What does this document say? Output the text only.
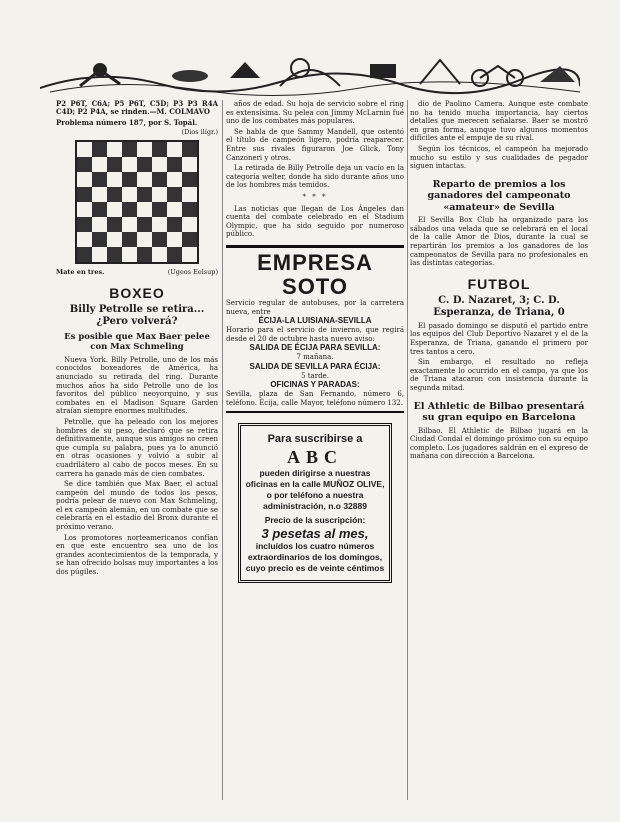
P2 P6T, C6A; P5 P6T, C5D; P3 P3 R4A C4D; P2 P4A, se rinden.—M. COLMAVO
Problema número 187, por S. Topál.
(Dios ilígr.)
Mate en tres.	(Ugeos Eelsup)
BOXEO
Billy Petrolle se retira... ¿Pero volverá?
Es posible que Max Baer pelee con Max Schmeling

Nueva York. Billy Petrolle, uno de los más conocidos boxeadores de América, ha anunciado su retirada del ring. Durante muchos años ha sido Petrolle uno de los favoritos del público neoyorquino, y sus combates en el Madison Square Garden atraían siempre enormes multitudes.

Petrolle, que ha peleado con los mejores hombres de su peso, declaró que se retira definitivamente, aunque sus amigos no creen que cumpla su palabra, pues ya lo anunció en otras ocasiones y volvió a subir al cuadrilátero al cabo de pocos meses. En su carrera ha ganado más de cien combates.

Se dice también que Max Baer, el actual campeón del mundo de todos los pesos, podría pelear de nuevo con Max Schmeling, el ex campeón alemán, en un combate que se celebraría en el estadio del Bronx durante el próximo verano.

Los promotores norteamericanos confían en que este encuentro sea uno de los grandes acontecimientos de la temporada, y se han ofrecido bolsas muy importantes a los dos púgiles.

años de edad. Su hoja de servicio sobre el ring es extensísima. Su pelea con Jimmy McLarnin fué uno de los combates más populares.

Se habla de que Sammy Mandell, que ostentó el título de campeón ligero, podría reaparecer. Entre sus rivales figuraron Joe Glick, Tony Canzoneri y otros.

La retirada de Billy Petrolle deja un vacío en la categoría welter, donde ha sido durante años uno de los hombres más temidos.

* * *

Las noticias que llegan de Los Ángeles dan cuenta del combate celebrado en el Stadium Olympic, que ha sido seguido por numeroso público.

EMPRESA SOTO
Servicio regular de autobuses, por la carretera nueva, entre
ÉCIJA-LA LUISIANA-SEVILLA
Horario para el servicio de invierno, que regirá desde el 20 de octubre hasta nuevo aviso:
SALIDA DE ÉCIJA PARA SEVILLA:
7 mañana.
SALIDA DE SEVILLA PARA ÉCIJA:
5 tarde.
OFICINAS Y PARADAS:
Sevilla, plaza de San Fernando, número 6, teléfono. Écija, calle Mayor, teléfono número 132.
Para suscribirse a
ABC
pueden dirigirse a nuestras oficinas en la calle MUÑOZ OLIVE, o por teléfono a nuestra administración, n.o 32889
Precio de la suscripción:
3 pesetas al mes,
incluídos los cuatro números extraordinarios de los domingos, cuyo precio es de veinte céntimos

dio de Paolino Camera. Aunque este combate no ha tenido mucha importancia, hay ciertos detalles que merecen señalarse. Baer se mostró en gran forma, aunque tuvo algunos momentos difíciles ante el empuje de su rival.

Según los técnicos, el campeón ha mejorado mucho su estilo y sus cualidades de pegador siguen intactas.

Reparto de premios a los ganadores del campeonato «amateur» de Sevilla

El Sevilla Box Club ha organizado para los sábados una velada que se celebrará en el local de la calle Amor de Dios, durante la cual se repartirán los premios a los ganadores de los campeonatos de Sevilla para no profesionales en las distintas categorías.

FUTBOL
C. D. Nazaret, 3; C. D. Esperanza, de Triana, 0

El pasado domingo se disputó el partido entre los equipos del Club Deportivo Nazaret y el de la Esperanza, de Triana, ganando el primero por tres tantos a cero.

Sin embargo, el resultado no refleja exactamente lo ocurrido en el campo, ya que los de Triana atacaron con insistencia durante la segunda mitad.

El Athletic de Bilbao presentará su gran equipo en Barcelona

Bilbao. El Athletic de Bilbao jugará en la Ciudad Condal el domingo próximo con su equipo completo. Los jugadores saldrán en el expreso de mañana con dirección a Barcelona.
